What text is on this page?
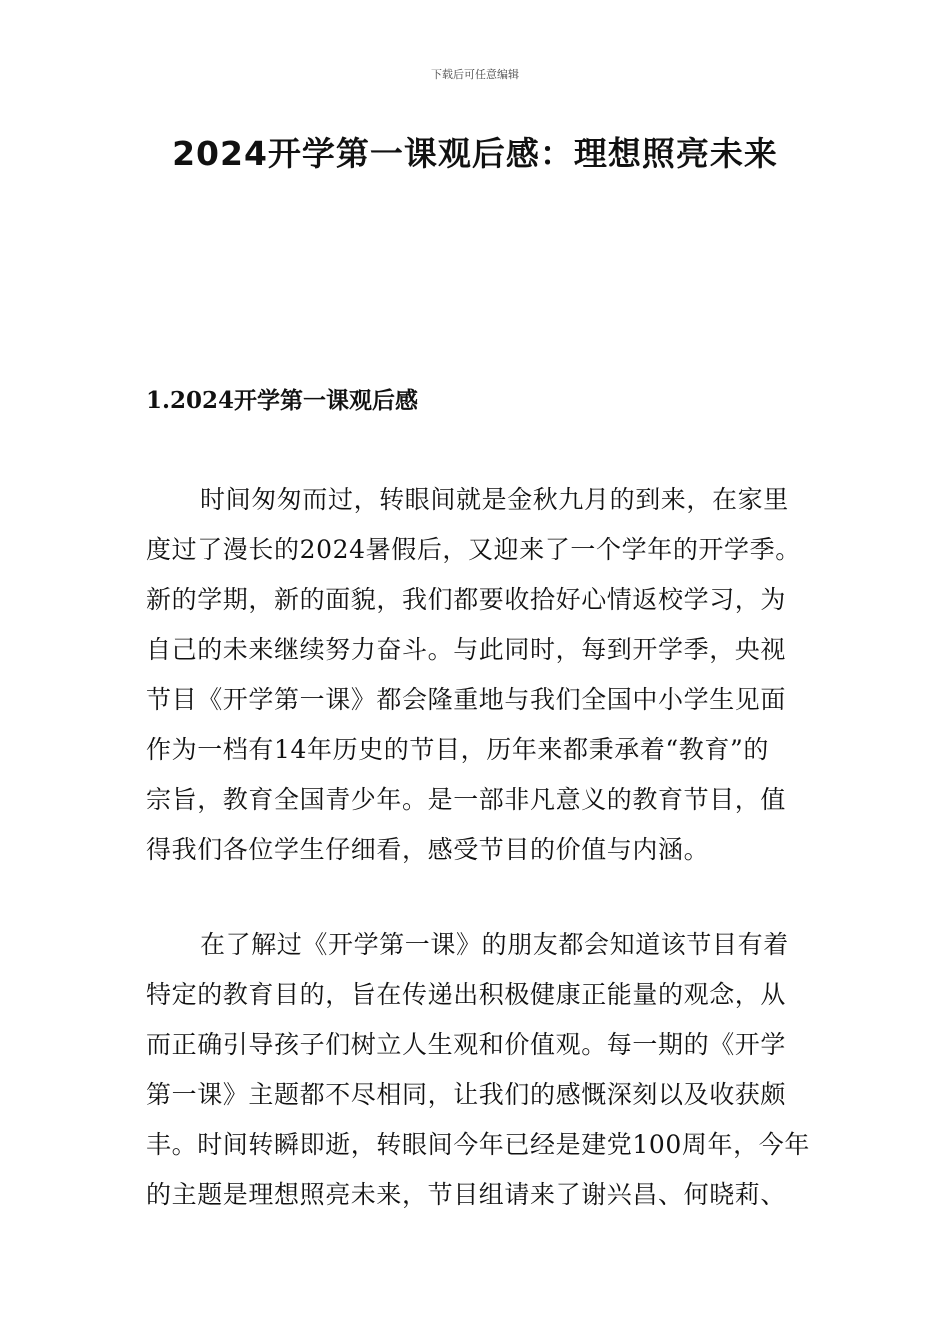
下载后可任意编辑
2024开学第一课观后感：理想照亮未来
1.2024开学第一课观后感

时间匆匆而过，转眼间就是金秋九月的到来，在家里
度过了漫长的2024暑假后，又迎来了一个学年的开学季。
新的学期，新的面貌，我们都要收拾好心情返校学习，为
自己的未来继续努力奋斗。与此同时，每到开学季，央视
节目《开学第一课》都会隆重地与我们全国中小学生见面
作为一档有14年历史的节目，历年来都秉承着“教育”的
宗旨，教育全国青少年。是一部非凡意义的教育节目，值
得我们各位学生仔细看，感受节目的价值与内涵。

在了解过《开学第一课》的朋友都会知道该节目有着
特定的教育目的，旨在传递出积极健康正能量的观念，从
而正确引导孩子们树立人生观和价值观。每一期的《开学
第一课》主题都不尽相同，让我们的感慨深刻以及收获颇
丰。时间转瞬即逝，转眼间今年已经是建党100周年，今年
的主题是理想照亮未来，节目组请来了谢兴昌、何晓莉、
